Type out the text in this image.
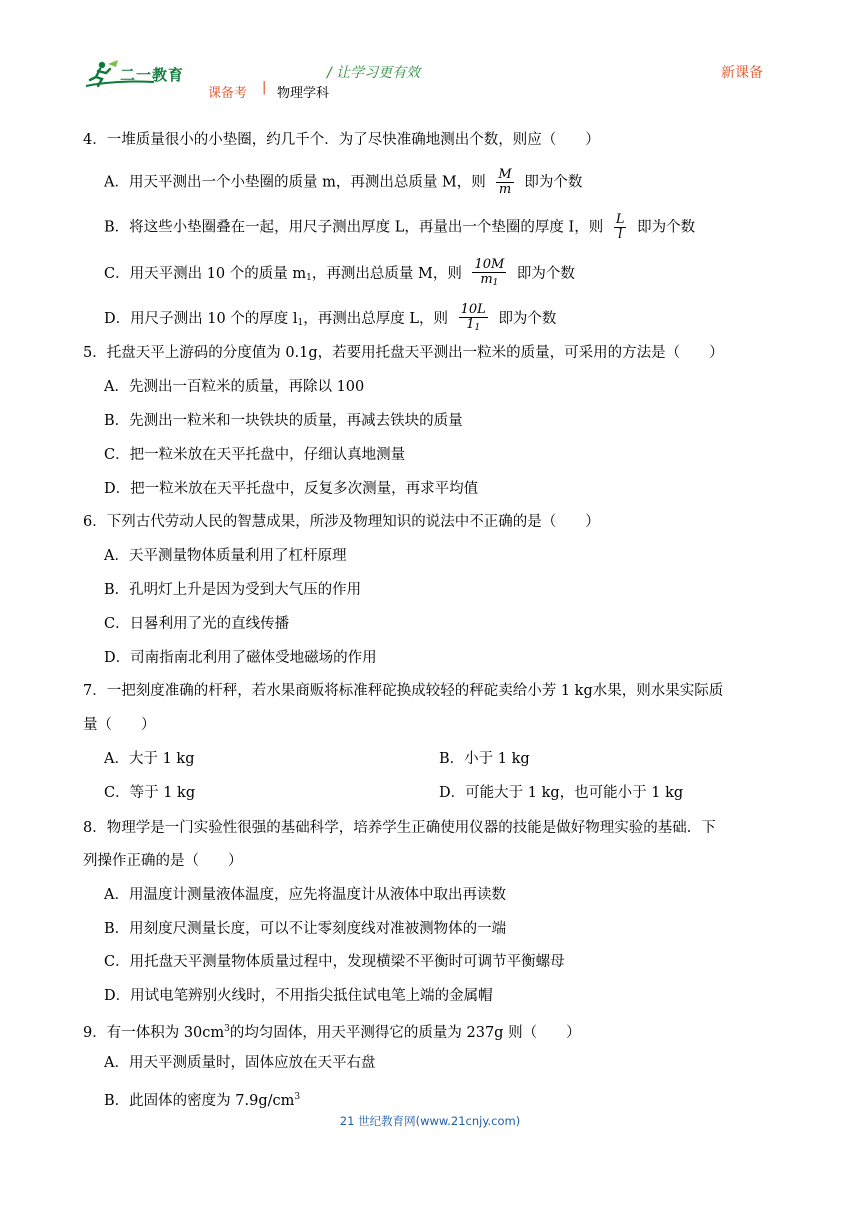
二一教育	/ 让学习更有效	新课备
课备考 | 物理学科
4．一堆质量很小的小垫圈，约几千个．为了尽快准确地测出个数，则应（　　）
A．用天平测出一个小垫圈的质量 m，再测出总质量 M，则 $\frac{M}{m}$ 即为个数
B．将这些小垫圈叠在一起，用尺子测出厚度 L，再量出一个垫圈的厚度 I，则 $\frac{L}{l}$ 即为个数
C．用天平测出 10 个的质量 $m_1$，再测出总质量 M，则 $\frac{10M}{m_1}$ 即为个数
D．用尺子测出 10 个的厚度 $l_1$，再测出总厚度 L，则 $\frac{10L}{1_1}$ 即为个数
5．托盘天平上游码的分度值为 0.1g，若要用托盘天平测出一粒米的质量，可采用的方法是（　　）
A．先测出一百粒米的质量，再除以 100
B．先测出一粒米和一块铁块的质量，再减去铁块的质量
C．把一粒米放在天平托盘中，仔细认真地测量
D．把一粒米放在天平托盘中，反复多次测量，再求平均值
6．下列古代劳动人民的智慧成果，所涉及物理知识的说法中不正确的是（　　）
A．天平测量物体质量利用了杠杆原理
B．孔明灯上升是因为受到大气压的作用
C．日晷利用了光的直线传播
D．司南指南北利用了磁体受地磁场的作用
7．一把刻度准确的杆秤，若水果商贩将标准秤砣换成较轻的秤砣卖给小芳 1 kg水果，则水果实际质
量（　　）
A．大于 1 kg	B．小于 1 kg
C．等于 1 kg	D．可能大于 1 kg，也可能小于 1 kg
8．物理学是一门实验性很强的基础科学，培养学生正确使用仪器的技能是做好物理实验的基础．下
列操作正确的是（　　）
A．用温度计测量液体温度，应先将温度计从液体中取出再读数
B．用刻度尺测量长度，可以不让零刻度线对准被测物体的一端
C．用托盘天平测量物体质量过程中，发现横梁不平衡时可调节平衡螺母
D．用试电笔辨别火线时，不用指尖抵住试电笔上端的金属帽
9．有一体积为 $30cm^3$的均匀固体，用天平测得它的质量为 237g 则（　　）
A．用天平测质量时，固体应放在天平右盘
B．此固体的密度为 $7.9g/cm^3$
21 世纪教育网(www.21cnjy.com)
